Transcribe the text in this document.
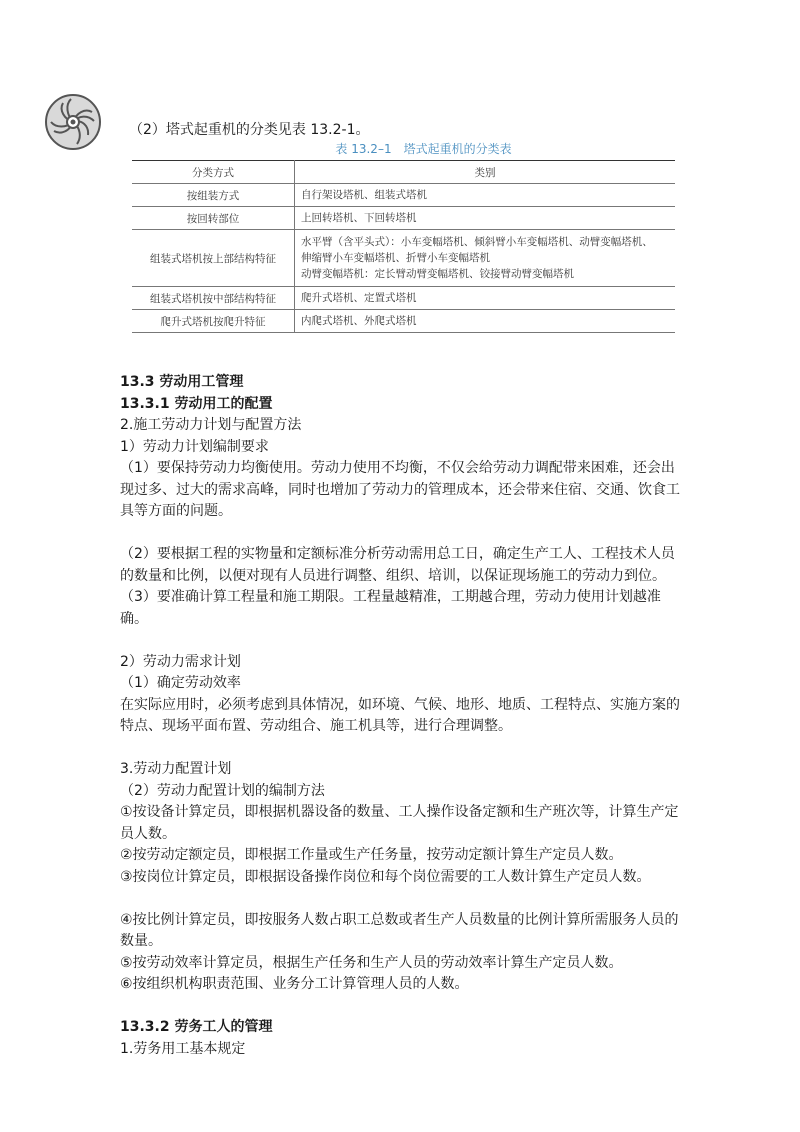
（2）塔式起重机的分类见表 13.2-1。
表 13.2–1　塔式起重机的分类表
分类方式	类别
按组装方式	自行架设塔机、组装式塔机
按回转部位	上回转塔机、下回转塔机
组装式塔机按上部结构特征	水平臂（含平头式）：小车变幅塔机、倾斜臂小车变幅塔机、动臂变幅塔机、
伸缩臂小车变幅塔机、折臂小车变幅塔机
动臂变幅塔机：定长臂动臂变幅塔机、铰接臂动臂变幅塔机

组装式塔机按中部结构特征	爬升式塔机、定置式塔机
爬升式塔机按爬升特征	内爬式塔机、外爬式塔机

13.3 劳动用工管理

13.3.1 劳动用工的配置

2.施工劳动力计划与配置方法

1）劳动力计划编制要求

（1）要保持劳动力均衡使用。劳动力使用不均衡，不仅会给劳动力调配带来困难，还会出现过多、过大的需求高峰，同时也增加了劳动力的管理成本，还会带来住宿、交通、饮食工具等方面的问题。

（2）要根据工程的实物量和定额标准分析劳动需用总工日，确定生产工人、工程技术人员的数量和比例，以便对现有人员进行调整、组织、培训，以保证现场施工的劳动力到位。

（3）要准确计算工程量和施工期限。工程量越精准，工期越合理，劳动力使用计划越准确。

2）劳动力需求计划

（1）确定劳动效率

在实际应用时，必须考虑到具体情况，如环境、气候、地形、地质、工程特点、实施方案的特点、现场平面布置、劳动组合、施工机具等，进行合理调整。

3.劳动力配置计划

（2）劳动力配置计划的编制方法

①按设备计算定员，即根据机器设备的数量、工人操作设备定额和生产班次等，计算生产定员人数。

②按劳动定额定员，即根据工作量或生产任务量，按劳动定额计算生产定员人数。

③按岗位计算定员，即根据设备操作岗位和每个岗位需要的工人数计算生产定员人数。

④按比例计算定员，即按服务人数占职工总数或者生产人员数量的比例计算所需服务人员的数量。

⑤按劳动效率计算定员，根据生产任务和生产人员的劳动效率计算生产定员人数。

⑥按组织机构职责范围、业务分工计算管理人员的人数。

13.3.2 劳务工人的管理

1.劳务用工基本规定
